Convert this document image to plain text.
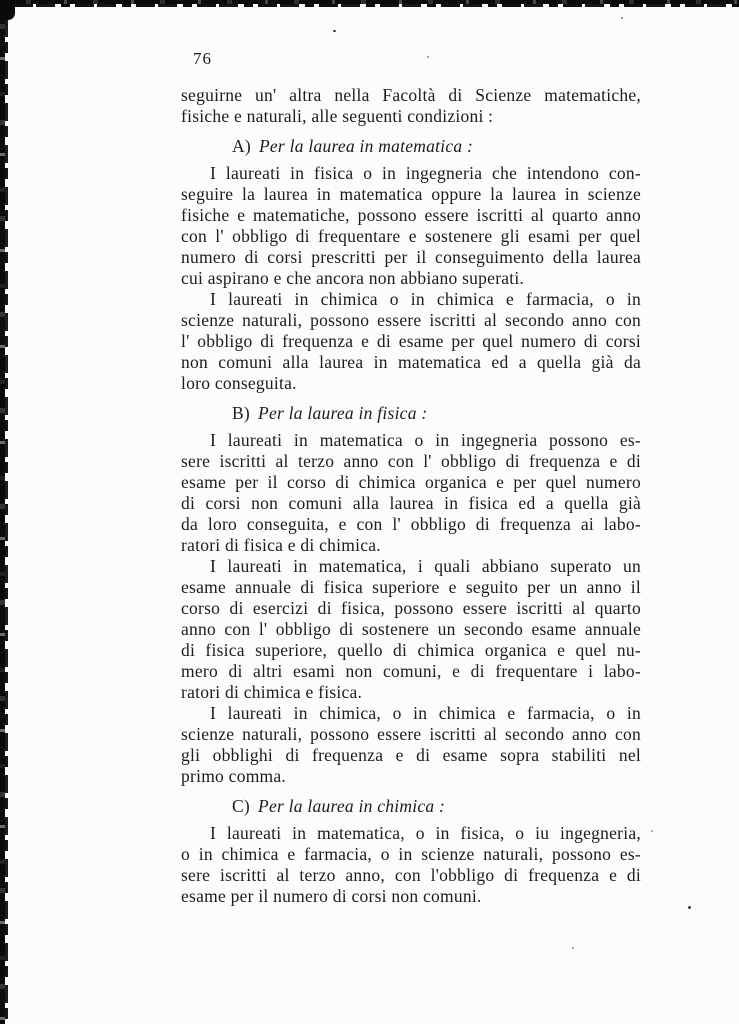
76
seguirne un' altra nella Facoltà di Scienze matematiche,
fisiche e naturali, alle seguenti condizioni :
A) Per la laurea in matematica :
I laureati in fisica o in ingegneria che intendono con-
seguire la laurea in matematica oppure la laurea in scienze
fisiche e matematiche, possono essere iscritti al quarto anno
con l' obbligo di frequentare e sostenere gli esami per quel
numero di corsi prescritti per il conseguimento della laurea
cui aspirano e che ancora non abbiano superati.
I laureati in chimica o in chimica e farmacia, o in
scienze naturali, possono essere iscritti al secondo anno con
l' obbligo di frequenza e di esame per quel numero di corsi
non comuni alla laurea in matematica ed a quella già da
loro conseguita.
B) Per la laurea in fisica :
I laureati in matematica o in ingegneria possono es-
sere iscritti al terzo anno con l' obbligo di frequenza e di
esame per il corso di chimica organica e per quel numero
di corsi non comuni alla laurea in fisica ed a quella già
da loro conseguita, e con l' obbligo di frequenza ai labo-
ratori di fisica e di chimica.
I laureati in matematica, i quali abbiano superato un
esame annuale di fisica superiore e seguito per un anno il
corso di esercizi di fisica, possono essere iscritti al quarto
anno con l' obbligo di sostenere un secondo esame annuale
di fisica superiore, quello di chimica organica e quel nu-
mero di altri esami non comuni, e di frequentare i labo-
ratori di chimica e fisica.
I laureati in chimica, o in chimica e farmacia, o in
scienze naturali, possono essere iscritti al secondo anno con
gli obblighi di frequenza e di esame sopra stabiliti nel
primo comma.
C) Per la laurea in chimica :
I laureati in matematica, o in fisica, o iu ingegneria,
o in chimica e farmacia, o in scienze naturali, possono es-
sere iscritti al terzo anno, con l'obbligo di frequenza e di
esame per il numero di corsi non comuni.
